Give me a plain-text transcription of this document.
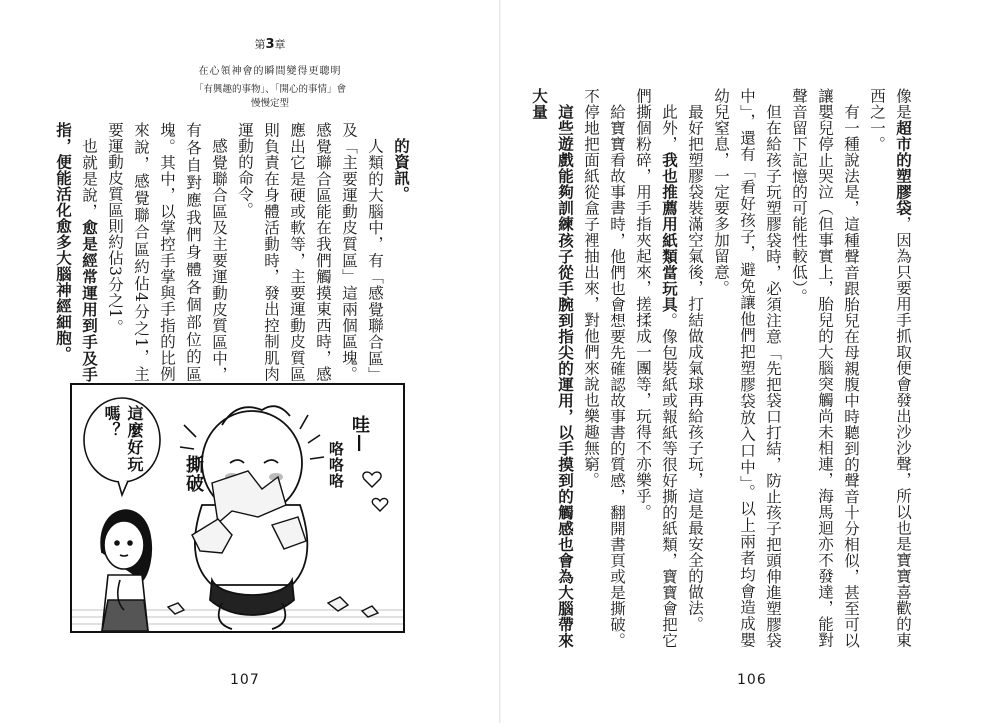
第3章
在心領神會的瞬間變得更聰明
「有興趣的事物」、「開心的事情」會慢慢定型

的資訊。

人類的大腦中，有「感覺聯合區」及「主要運動皮質區」這兩個區塊。感覺聯合區能在我們觸摸東西時，感應出它是硬或軟等，主要運動皮質區則負責在身體活動時，發出控制肌肉運動的命令。

感覺聯合區及主要運動皮質區中，有各自對應我們身體各個部位的區塊。其中，以掌控手掌與手指的比例來說，感覺聯合區約佔4分之1，主要運動皮質區則約佔3分之1。

也就是說，愈是經常運用到手及手指，便能活化愈多大腦神經細胞。

這麼好玩嗎？
撕破
哇—
咯咯咯
107

像是超市的塑膠袋，因為只要用手抓取便會發出沙沙聲，所以也是寶寶喜歡的東西之一。

有一種說法是，這種聲音跟胎兒在母親腹中時聽到的聲音十分相似，甚至可以讓嬰兒停止哭泣（但事實上，胎兒的大腦突觸尚未相連，海馬迴亦不發達，能對聲音留下記憶的可能性較低）。

但在給孩子玩塑膠袋時，必須注意「先把袋口打結，防止孩子把頭伸進塑膠袋中」，還有「看好孩子，避免讓他們把塑膠袋放入口中」。以上兩者均會造成嬰幼兒窒息，一定要多加留意。

最好把塑膠袋裝滿空氣後，打結做成氣球再給孩子玩，這是最安全的做法。

此外，我也推薦用紙類當玩具。像包裝紙或報紙等很好撕的紙類，寶寶會把它們撕個粉碎，用手指夾起來，搓揉成一團等，玩得不亦樂乎。

給寶寶看故事書時，他們也會想要先確認故事書的質感，翻開書頁或是撕破。不停地把面紙從盒子裡抽出來，對他們來說也樂趣無窮。

這些遊戲能夠訓練孩子從手腕到指尖的運用，以手摸到的觸感也會為大腦帶來大量

106
